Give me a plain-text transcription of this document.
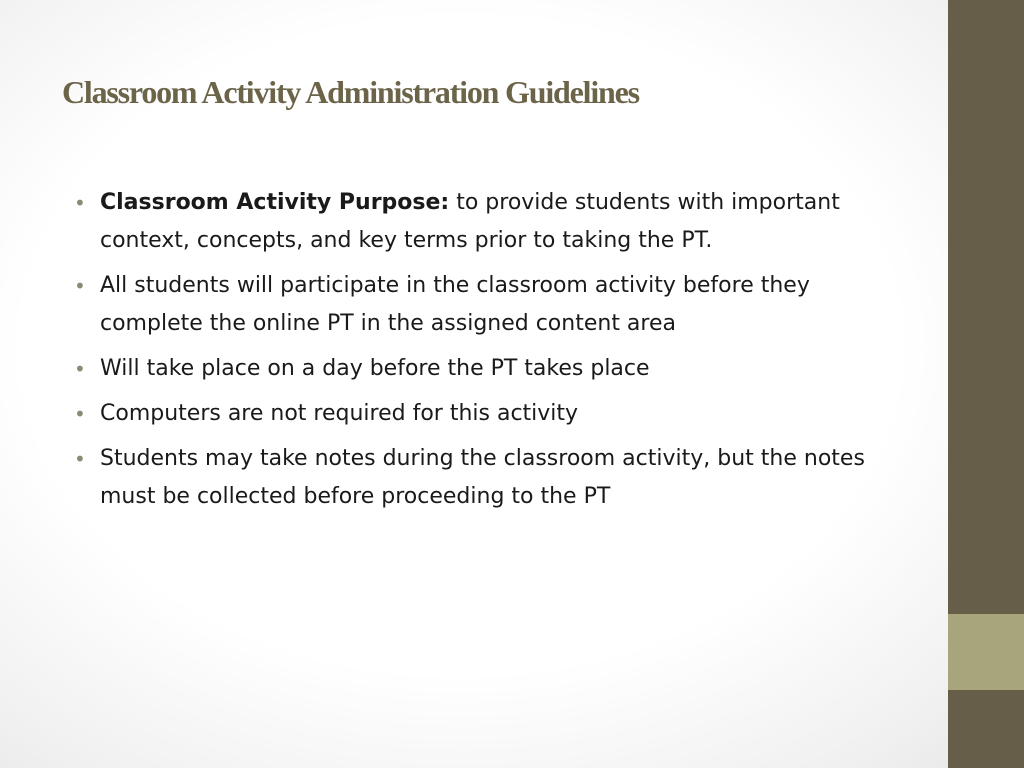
Classroom Activity Administration Guidelines
• Classroom Activity Purpose: to provide students with important context, concepts, and key terms prior to taking the PT.
• All students will participate in the classroom activity before they complete the online PT in the assigned content area
• Will take place on a day before the PT takes place
• Computers are not required for this activity
• Students may take notes during the classroom activity, but the notes must be collected before proceeding to the PT
